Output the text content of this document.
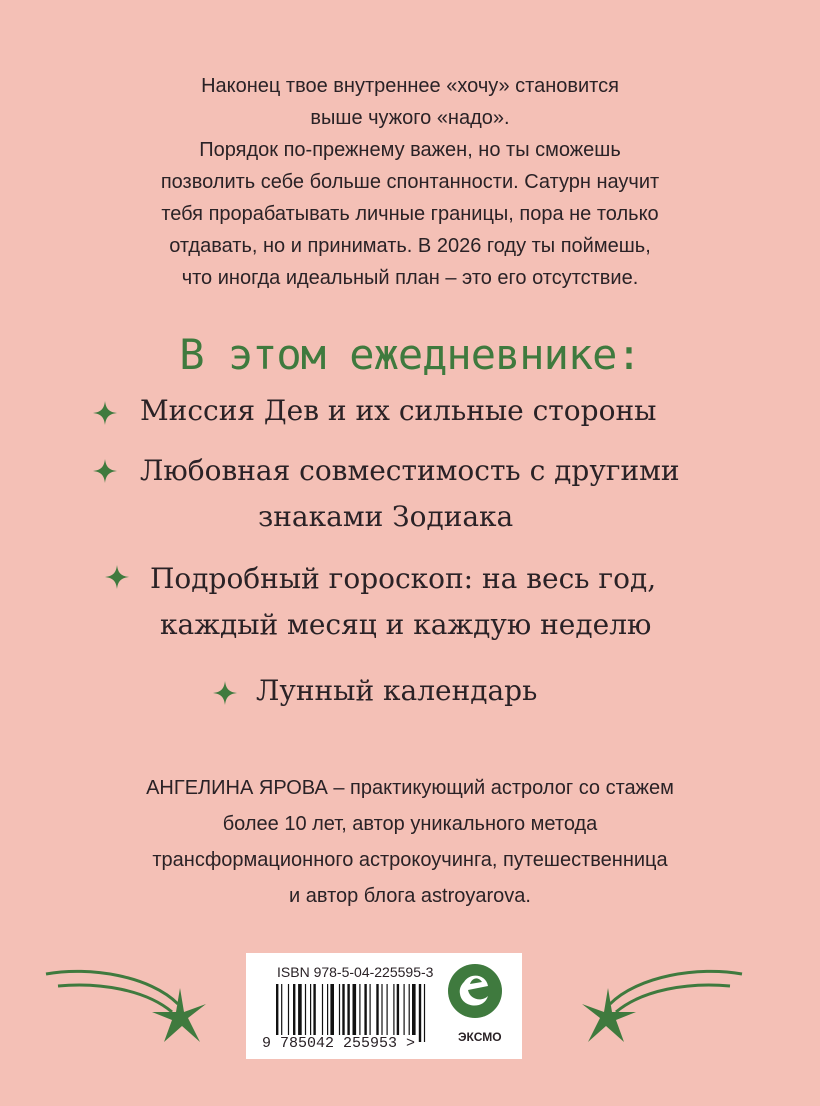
Наконец твое внутреннее «хочу» становится
выше чужого «надо».
Порядок по-прежнему важен, но ты сможешь
позволить себе больше спонтанности. Сатурн научит
тебя прорабатывать личные границы, пора не только
отдавать, но и принимать. В 2026 году ты поймешь,
что иногда идеальный план – это его отсутствие.
В этом ежедневнике:
Миссия Дев и их сильные стороны
Любовная совместимость с другими
знаками Зодиака
Подробный гороскоп: на весь год,
каждый месяц и каждую неделю
Лунный календарь
АНГЕЛИНА ЯРОВА – практикующий астролог со стажем
более 10 лет, автор уникального метода
трансформационного астрокоучинга, путешественница
и автор блога astroyarova.
ISBN 978-5-04-225595-3
9 785042 255953 >	ЭКСМО
